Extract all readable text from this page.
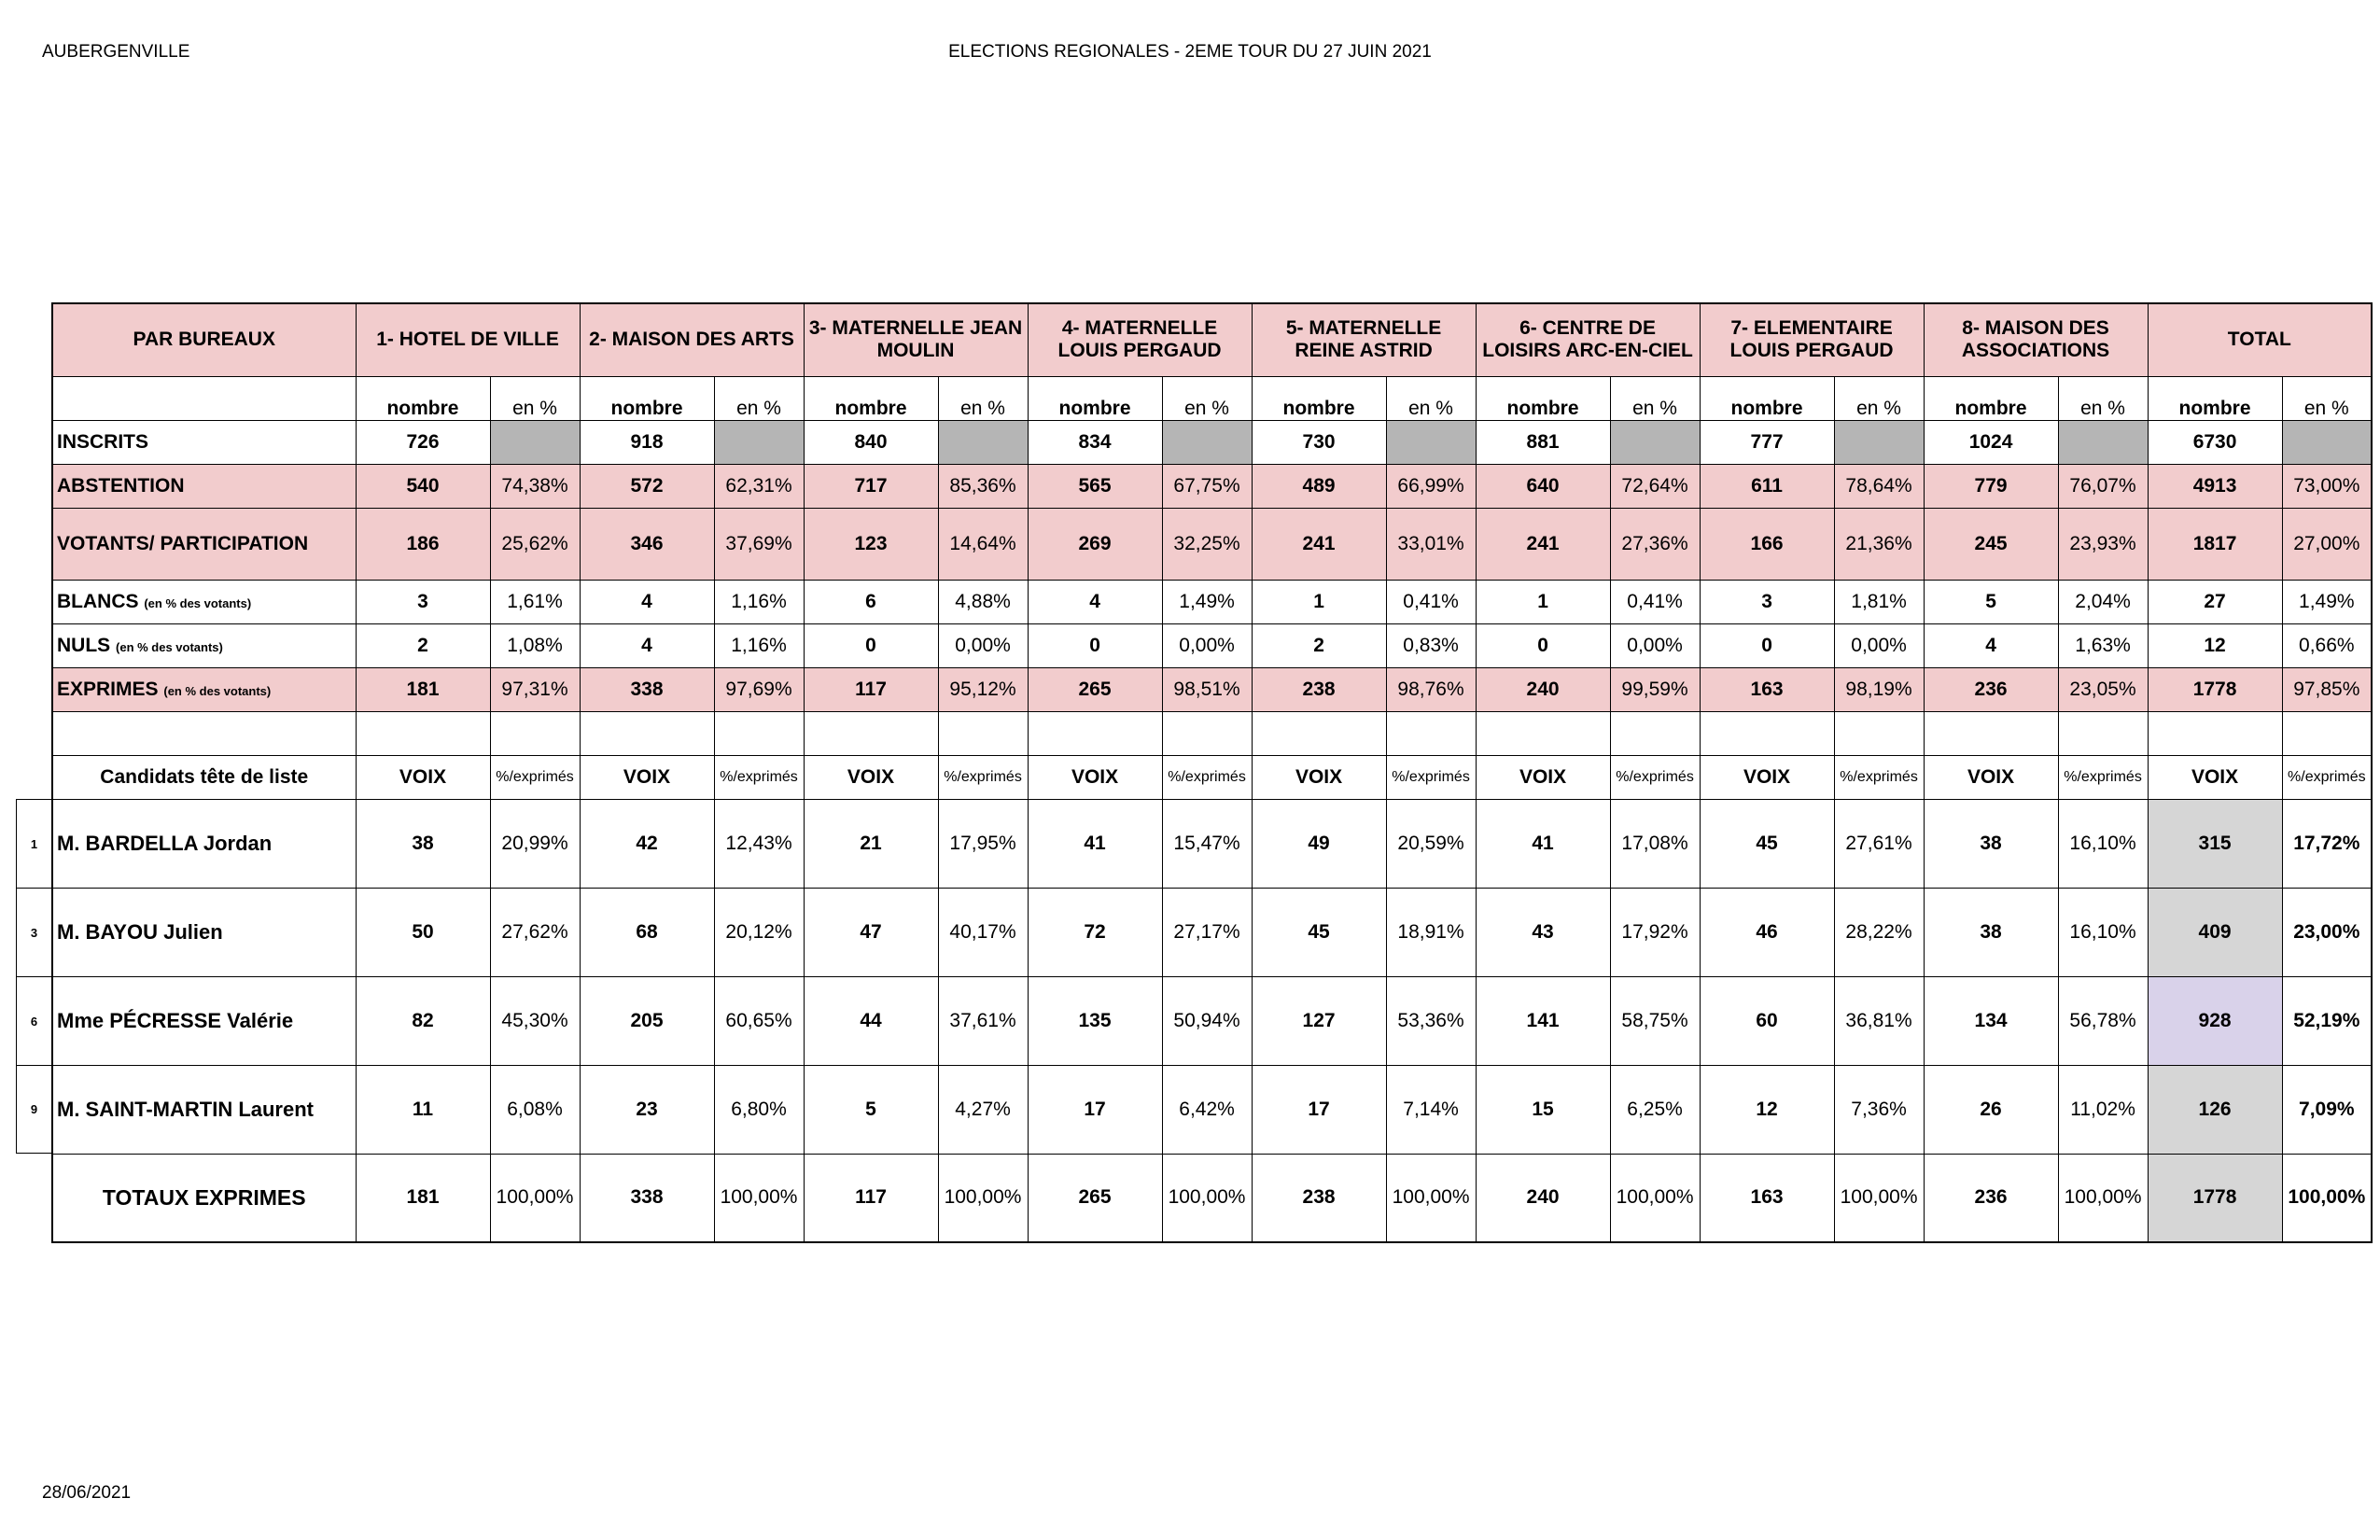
AUBERGENVILLE	ELECTIONS REGIONALES - 2EME TOUR DU 27 JUIN 2021
28/06/2021
PAR BUREAUX	1- HOTEL DE VILLE		2- MAISON DES ARTS		3- MATERNELLE JEAN MOULIN		4- MATERNELLE LOUIS PERGAUD		5- MATERNELLE REINE ASTRID		6- CENTRE DE LOISIRS ARC-EN-CIEL		7- ELEMENTAIRE LOUIS PERGAUD		8- MAISON DES ASSOCIATIONS		TOTAL	
	nombre	en %	nombre	en %	nombre	en %	nombre	en %	nombre	en %	nombre	en %	nombre	en %	nombre	en %	nombre	en %
INSCRITS	726		918		840		834		730		881		777		1024		6730	
ABSTENTION	540	74,38%	572	62,31%	717	85,36%	565	67,75%	489	66,99%	640	72,64%	611	78,64%	779	76,07%	4913	73,00%
VOTANTS/ PARTICIPATION	186	25,62%	346	37,69%	123	14,64%	269	32,25%	241	33,01%	241	27,36%	166	21,36%	245	23,93%	1817	27,00%
BLANCS (en % des votants)	3	1,61%	4	1,16%	6	4,88%	4	1,49%	1	0,41%	1	0,41%	3	1,81%	5	2,04%	27	1,49%
NULS (en % des votants)	2	1,08%	4	1,16%	0	0,00%	0	0,00%	2	0,83%	0	0,00%	0	0,00%	4	1,63%	12	0,66%
EXPRIMES (en % des votants)	181	97,31%	338	97,69%	117	95,12%	265	98,51%	238	98,76%	240	99,59%	163	98,19%	236	23,05%	1778	97,85%

Candidats tête de liste	VOIX	%/exprimés	VOIX	%/exprimés	VOIX	%/exprimés	VOIX	%/exprimés	VOIX	%/exprimés	VOIX	%/exprimés	VOIX	%/exprimés	VOIX	%/exprimés	VOIX	%/exprimés
M. BARDELLA Jordan	38	20,99%	42	12,43%	21	17,95%	41	15,47%	49	20,59%	41	17,08%	45	27,61%	38	16,10%	315	17,72%
M. BAYOU Julien	50	27,62%	68	20,12%	47	40,17%	72	27,17%	45	18,91%	43	17,92%	46	28,22%	38	16,10%	409	23,00%
Mme PÉCRESSE Valérie	82	45,30%	205	60,65%	44	37,61%	135	50,94%	127	53,36%	141	58,75%	60	36,81%	134	56,78%	928	52,19%
M. SAINT-MARTIN Laurent	11	6,08%	23	6,80%	5	4,27%	17	6,42%	17	7,14%	15	6,25%	12	7,36%	26	11,02%	126	7,09%
TOTAUX EXPRIMES	181	100,00%	338	100,00%	117	100,00%	265	100,00%	238	100,00%	240	100,00%	163	100,00%	236	100,00%	1778	100,00%
1
3
6
9
